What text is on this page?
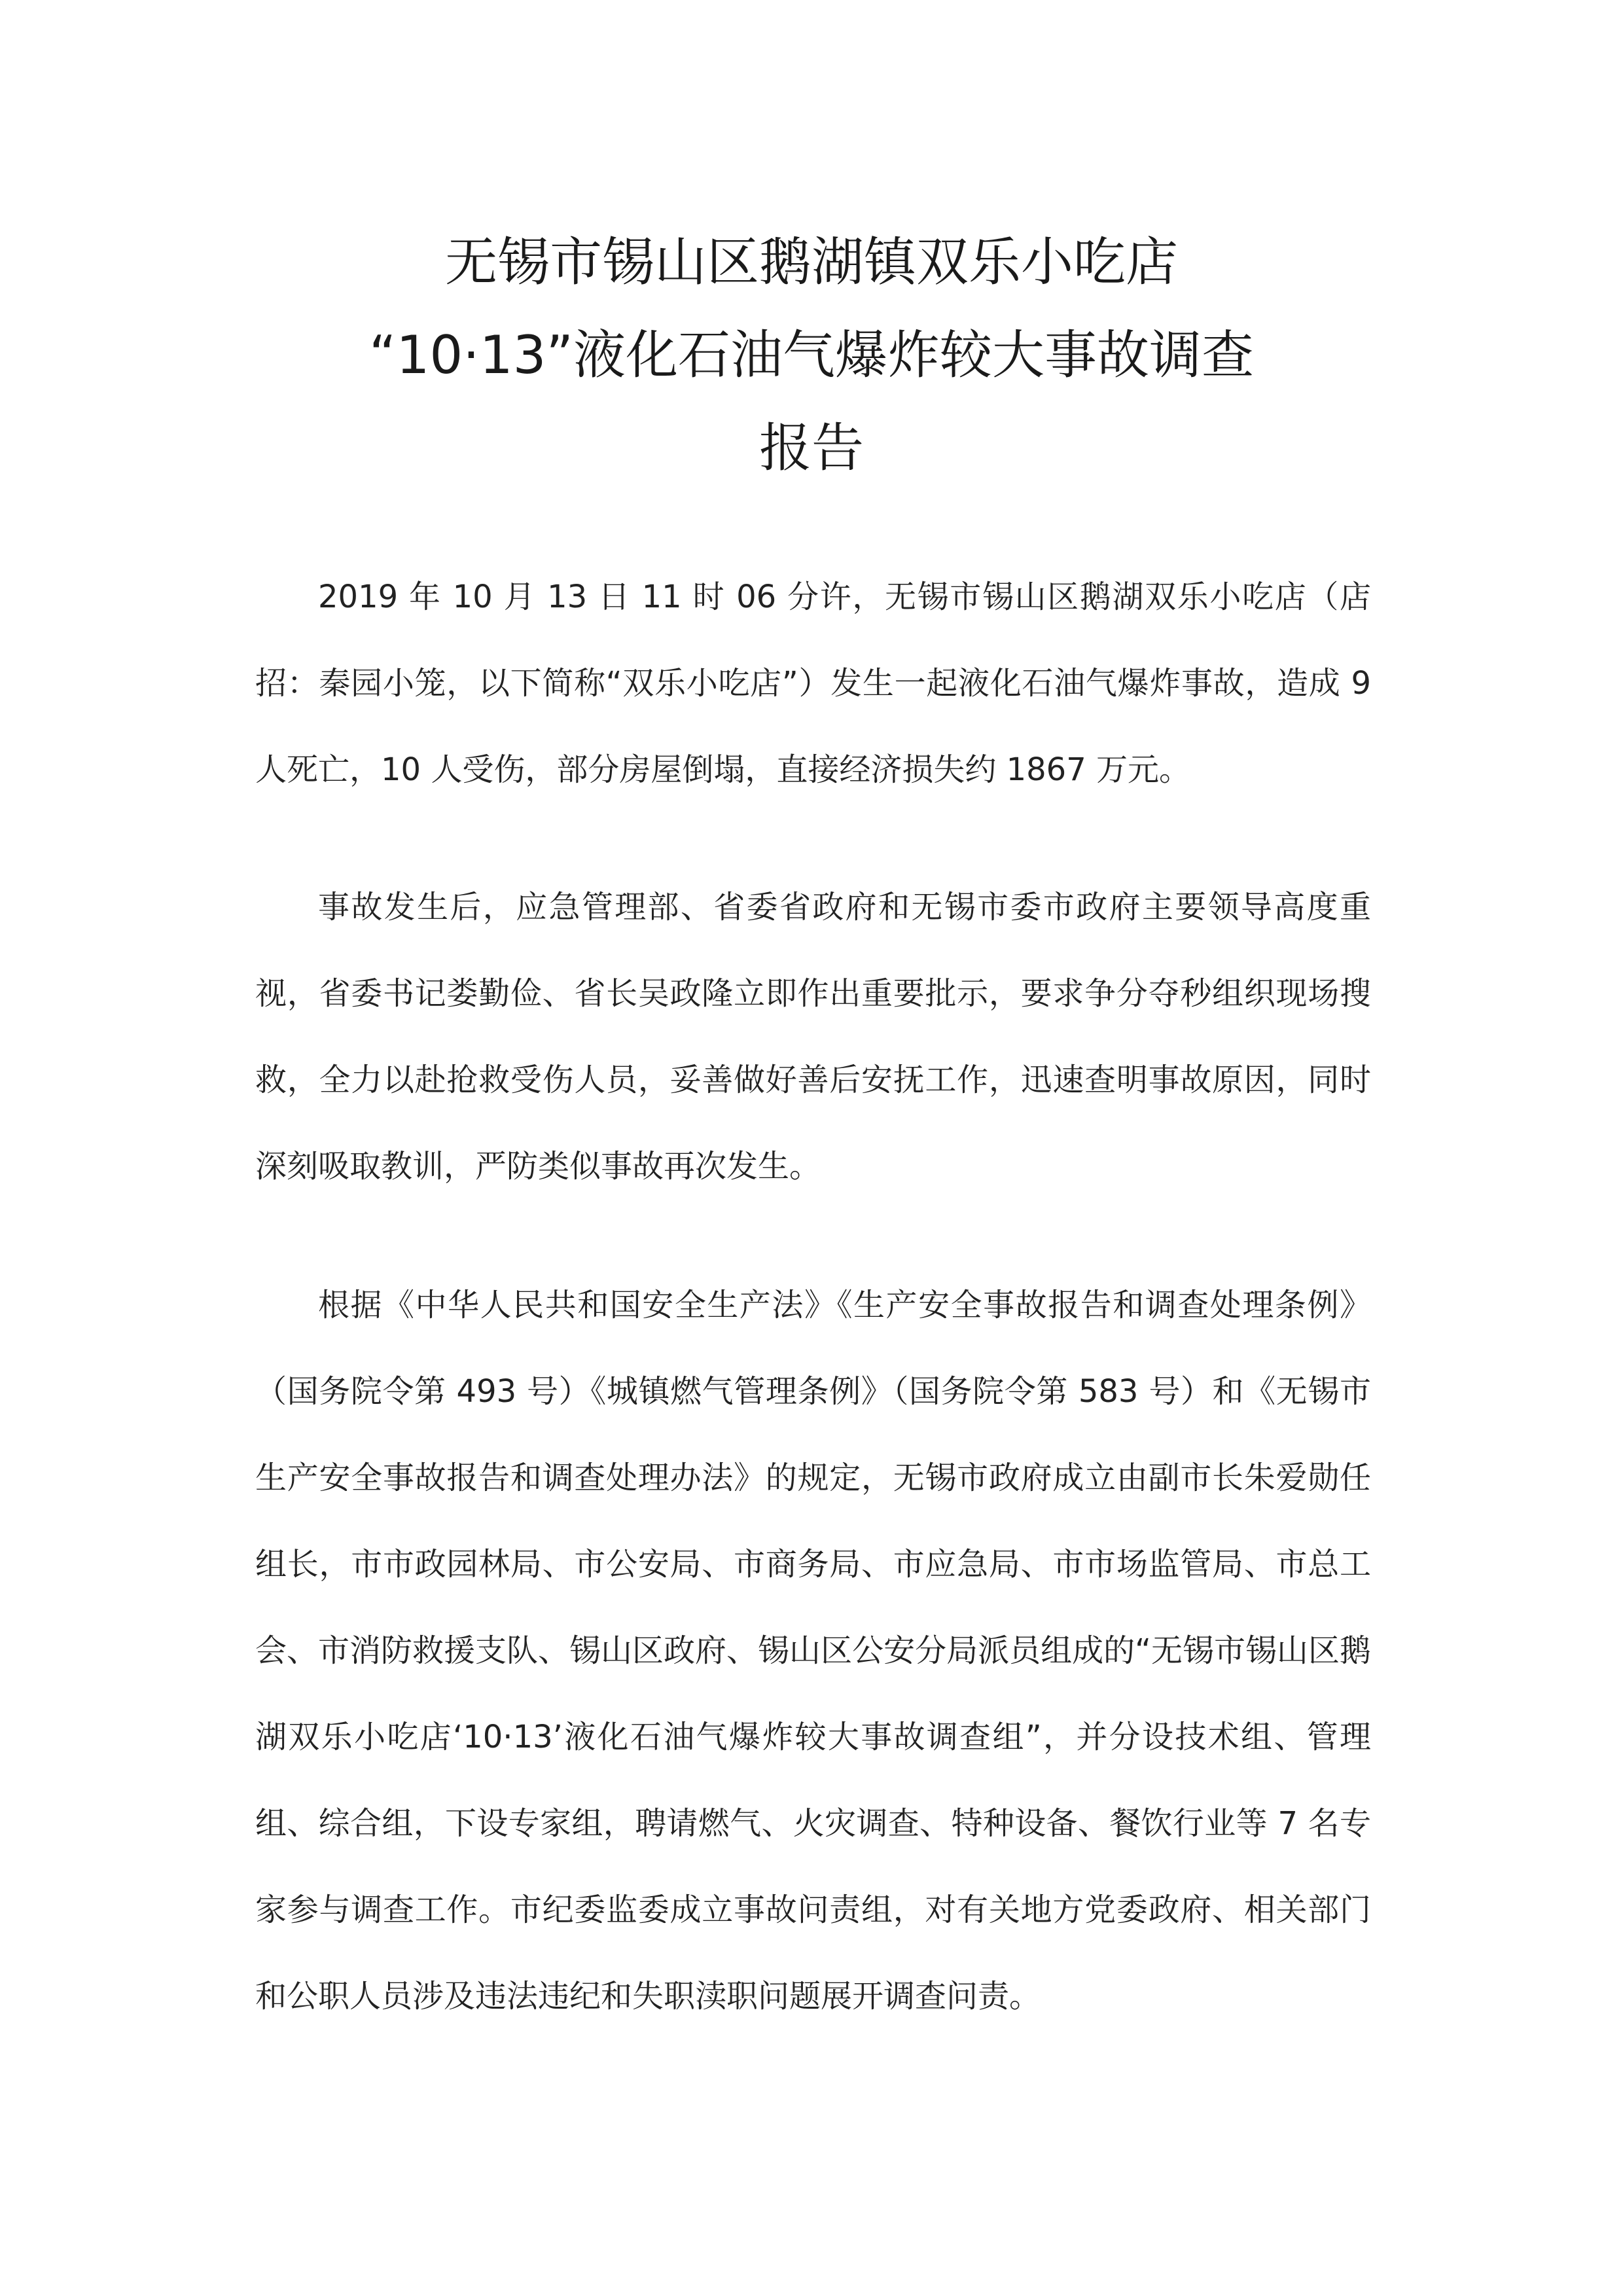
无锡市锡山区鹅湖镇双乐小吃店
“10·13”液化石油气爆炸较大事故调查
报告

2019 年 10 月 13 日 11 时 06 分许，无锡市锡山区鹅湖双乐小吃店（店招：秦园小笼，以下简称“双乐小吃店”）发生一起液化石油气爆炸事故，造成 9 人死亡，10 人受伤，部分房屋倒塌，直接经济损失约 1867 万元。

事故发生后，应急管理部、省委省政府和无锡市委市政府主要领导高度重视，省委书记娄勤俭、省长吴政隆立即作出重要批示，要求争分夺秒组织现场搜救，全力以赴抢救受伤人员，妥善做好善后安抚工作，迅速查明事故原因，同时深刻吸取教训，严防类似事故再次发生。

根据《中华人民共和国安全生产法》《生产安全事故报告和调查处理条例》（国务院令第 493 号）《城镇燃气管理条例》（国务院令第 583 号）和《无锡市生产安全事故报告和调查处理办法》的规定，无锡市政府成立由副市长朱爱勋任组长，市市政园林局、市公安局、市商务局、市应急局、市市场监管局、市总工会、市消防救援支队、锡山区政府、锡山区公安分局派员组成的“无锡市锡山区鹅湖双乐小吃店‘10·13’液化石油气爆炸较大事故调查组”，并分设技术组、管理组、综合组，下设专家组，聘请燃气、火灾调查、特种设备、餐饮行业等 7 名专家参与调查工作。市纪委监委成立事故问责组，对有关地方党委政府、相关部门和公职人员涉及违法违纪和失职渎职问题展开调查问责。
